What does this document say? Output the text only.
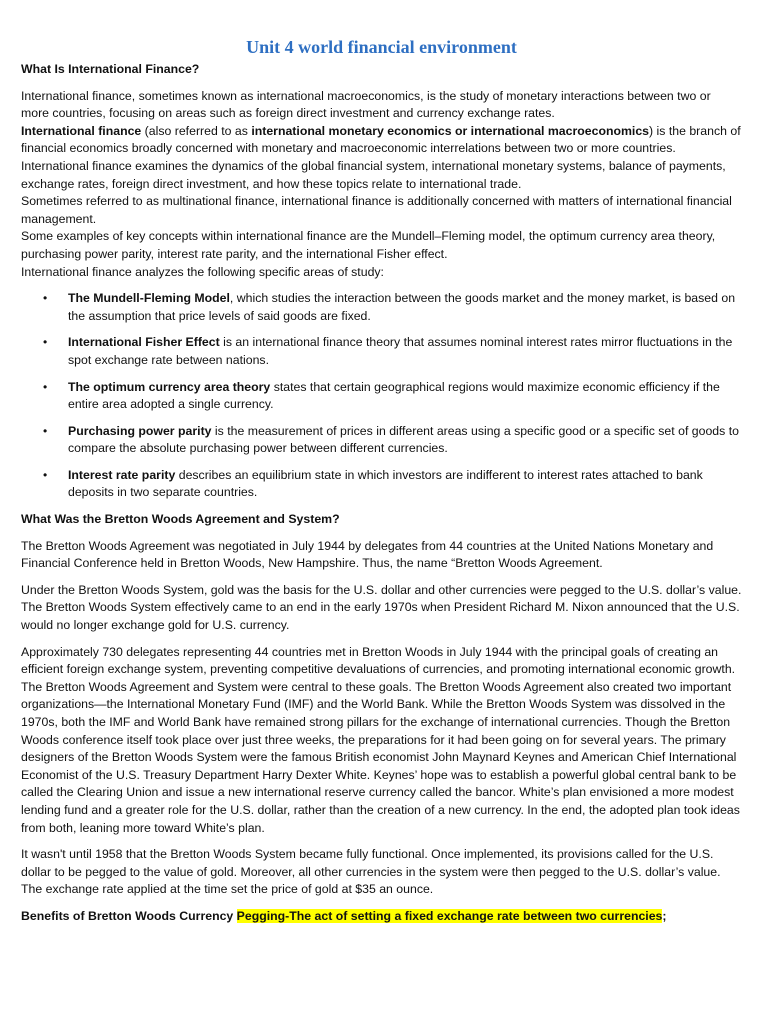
Unit 4 world financial environment

What Is International Finance?

International finance, sometimes known as international macroeconomics, is the study of monetary interactions between two or more countries, focusing on areas such as foreign direct investment and currency exchange rates.

International finance (also referred to as international monetary economics or international macroeconomics) is the branch of financial economics broadly concerned with monetary and macroeconomic interrelations between two or more countries. International finance examines the dynamics of the global financial system, international monetary systems, balance of payments, exchange rates, foreign direct investment, and how these topics relate to international trade.

Sometimes referred to as multinational finance, international finance is additionally concerned with matters of international financial management.

Some examples of key concepts within international finance are the Mundell–Fleming model, the optimum currency area theory, purchasing power parity, interest rate parity, and the international Fisher effect.

International finance analyzes the following specific areas of study:

• The Mundell-Fleming Model, which studies the interaction between the goods market and the money market, is based on the assumption that price levels of said goods are fixed.
• International Fisher Effect is an international finance theory that assumes nominal interest rates mirror fluctuations in the spot exchange rate between nations.
• The optimum currency area theory states that certain geographical regions would maximize economic efficiency if the entire area adopted a single currency.
• Purchasing power parity is the measurement of prices in different areas using a specific good or a specific set of goods to compare the absolute purchasing power between different currencies.
• Interest rate parity describes an equilibrium state in which investors are indifferent to interest rates attached to bank deposits in two separate countries.

What Was the Bretton Woods Agreement and System?

The Bretton Woods Agreement was negotiated in July 1944 by delegates from 44 countries at the United Nations Monetary and Financial Conference held in Bretton Woods, New Hampshire. Thus, the name “Bretton Woods Agreement.

Under the Bretton Woods System, gold was the basis for the U.S. dollar and other currencies were pegged to the U.S. dollar’s value. The Bretton Woods System effectively came to an end in the early 1970s when President Richard M. Nixon announced that the U.S. would no longer exchange gold for U.S. currency.

Approximately 730 delegates representing 44 countries met in Bretton Woods in July 1944 with the principal goals of creating an efficient foreign exchange system, preventing competitive devaluations of currencies, and promoting international economic growth. The Bretton Woods Agreement and System were central to these goals. The Bretton Woods Agreement also created two important organizations—the International Monetary Fund (IMF) and the World Bank. While the Bretton Woods System was dissolved in the 1970s, both the IMF and World Bank have remained strong pillars for the exchange of international currencies. Though the Bretton Woods conference itself took place over just three weeks, the preparations for it had been going on for several years. The primary designers of the Bretton Woods System were the famous British economist John Maynard Keynes and American Chief International Economist of the U.S. Treasury Department Harry Dexter White. Keynes’ hope was to establish a powerful global central bank to be called the Clearing Union and issue a new international reserve currency called the bancor. White’s plan envisioned a more modest lending fund and a greater role for the U.S. dollar, rather than the creation of a new currency. In the end, the adopted plan took ideas from both, leaning more toward White’s plan.

It wasn't until 1958 that the Bretton Woods System became fully functional. Once implemented, its provisions called for the U.S. dollar to be pegged to the value of gold. Moreover, all other currencies in the system were then pegged to the U.S. dollar’s value. The exchange rate applied at the time set the price of gold at $35 an ounce.

Benefits of Bretton Woods Currency Pegging-The act of setting a fixed exchange rate between two currencies;
